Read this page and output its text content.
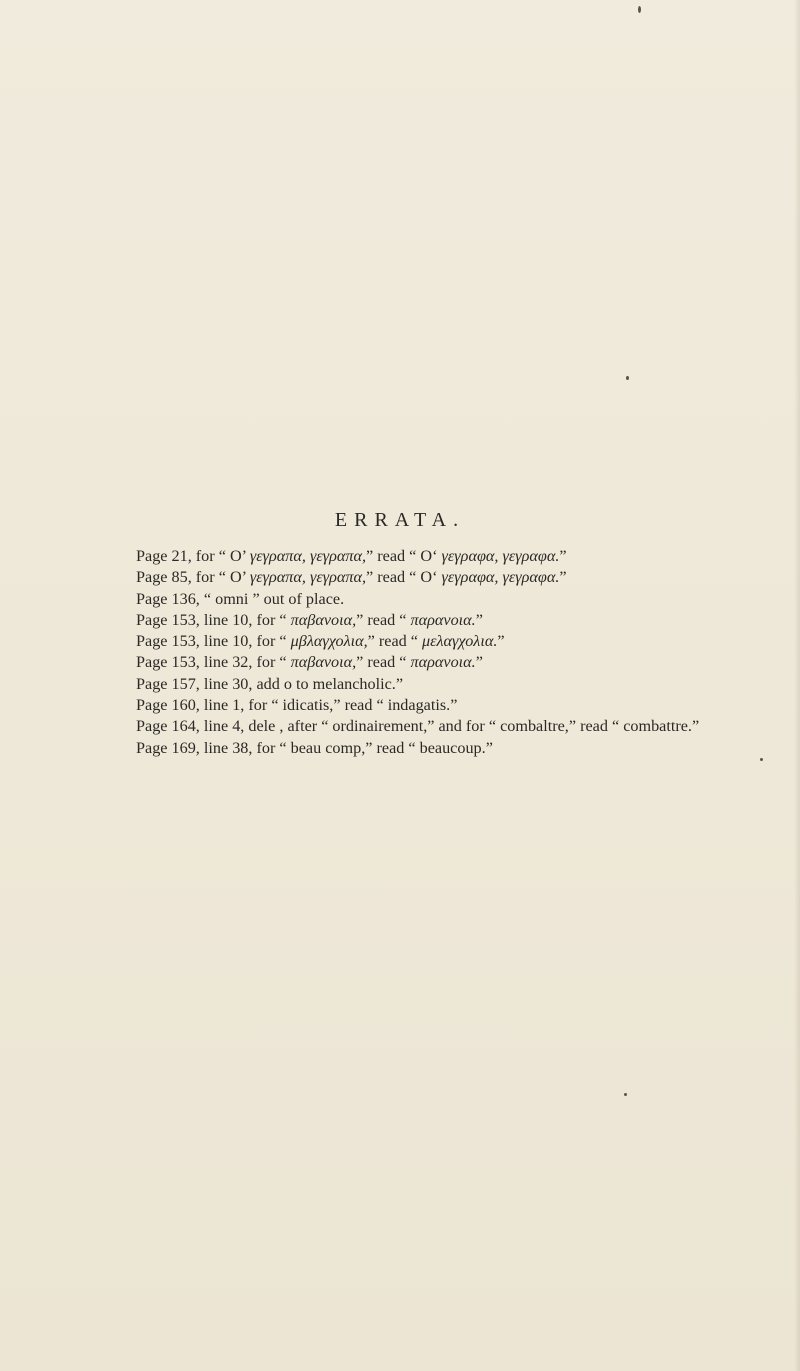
ERRATA.
Page 21, for “ O’ γεγραπα, γεγραπα,” read “ O‘ γεγραφα, γεγραφα.”
Page 85, for “ O’ γεγραπα, γεγραπα,” read “ O‘ γεγραφα, γεγραφα.”
Page 136, “ omni ” out of place.
Page 153, line 10, for “ παβανοια,” read “ παρανοια.”
Page 153, line 10, for “ μβλαγχολια,” read “ μελαγχολια.”
Page 153, line 32, for “ παβανοια,” read “ παρανοια.”
Page 157, line 30, add o to melancholic.”
Page 160, line 1, for “ idicatis,” read “ indagatis.”
Page 164, line 4, dele , after “ ordinairement,” and for “ combaltre,” read “ combattre.”
Page 169, line 38, for “ beau comp,” read “ beaucoup.”
